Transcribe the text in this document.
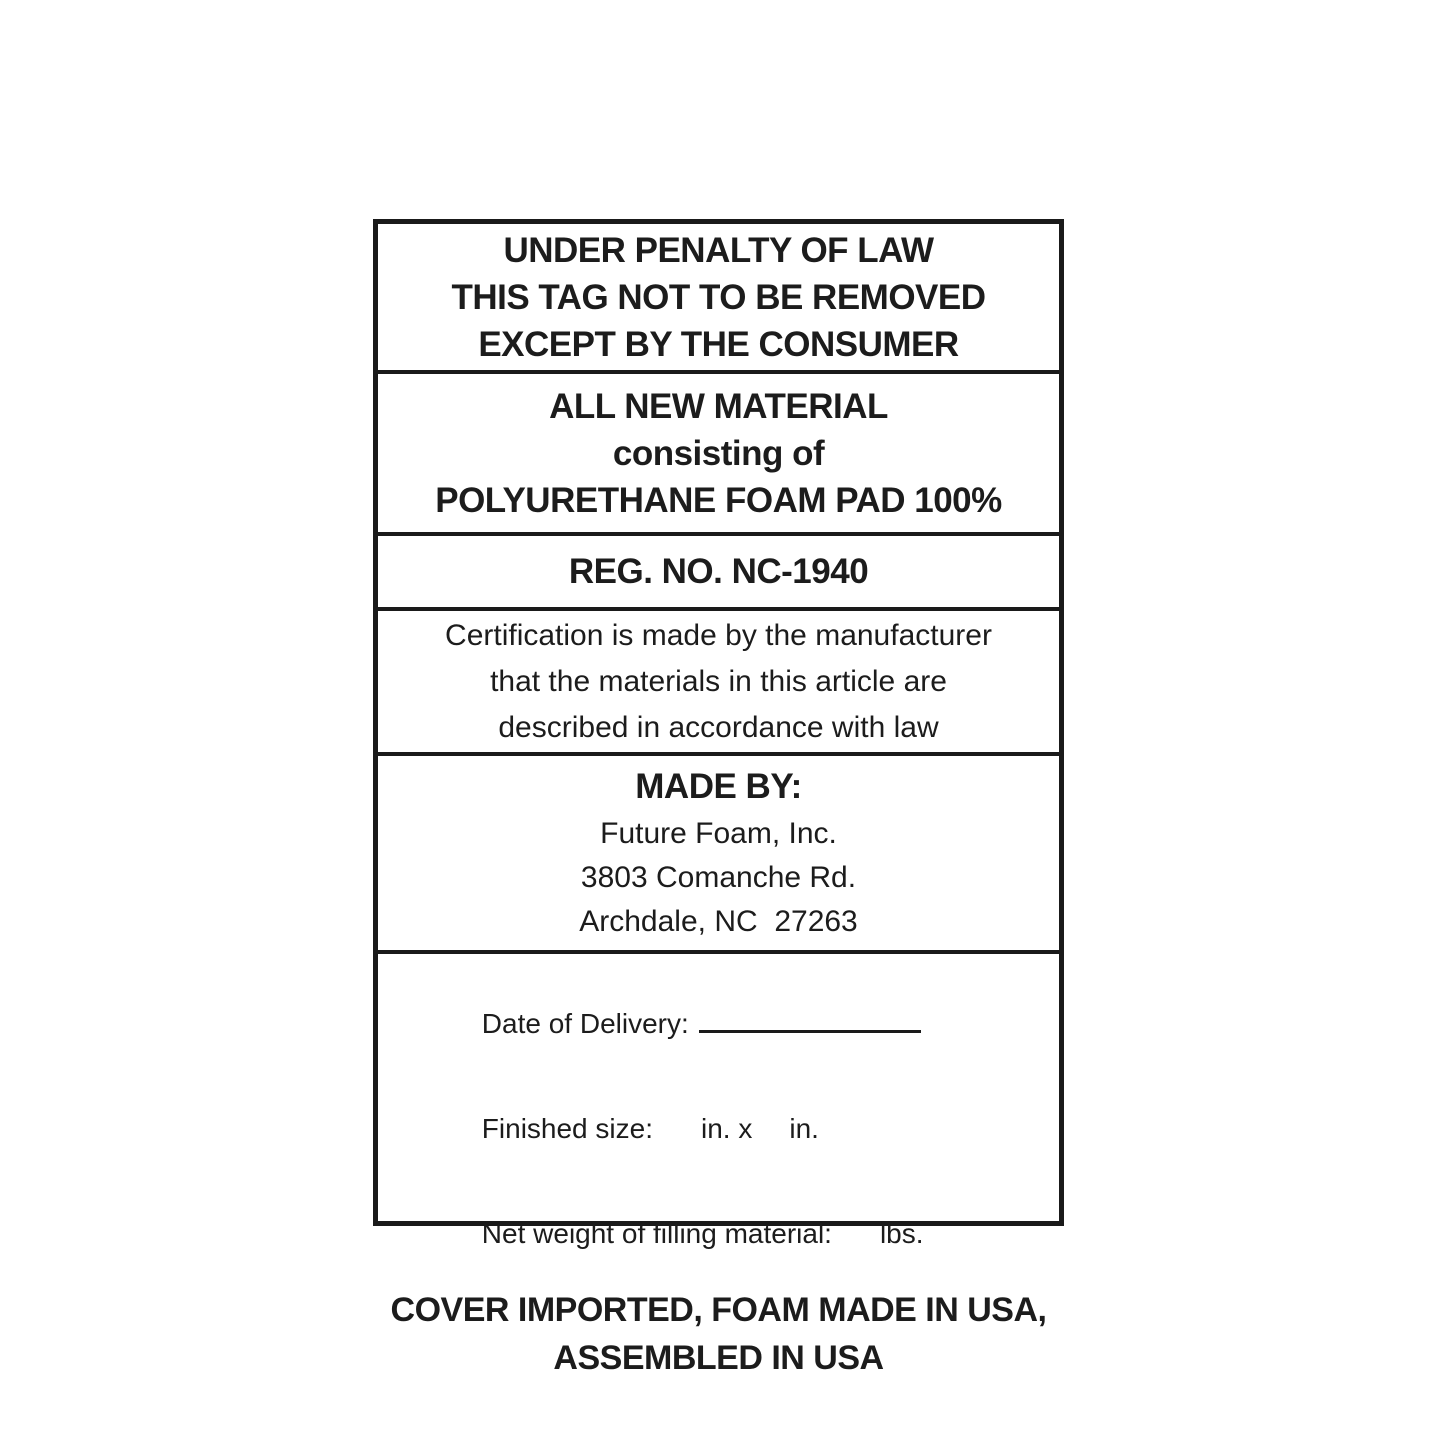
UNDER PENALTY OF LAW
THIS TAG NOT TO BE REMOVED
EXCEPT BY THE CONSUMER
ALL NEW MATERIAL
consisting of
POLYURETHANE FOAM PAD 100%
REG. NO. NC-1940
Certification is made by the manufacturer
that the materials in this article are
described in accordance with law
MADE BY:
Future Foam, Inc.
3803 Comanche Rd.
Archdale, NC  27263

Date of Delivery:

Finished size: in. x in.

Net weight of filling material: lbs.

COVER IMPORTED, FOAM MADE IN USA,
ASSEMBLED IN USA
